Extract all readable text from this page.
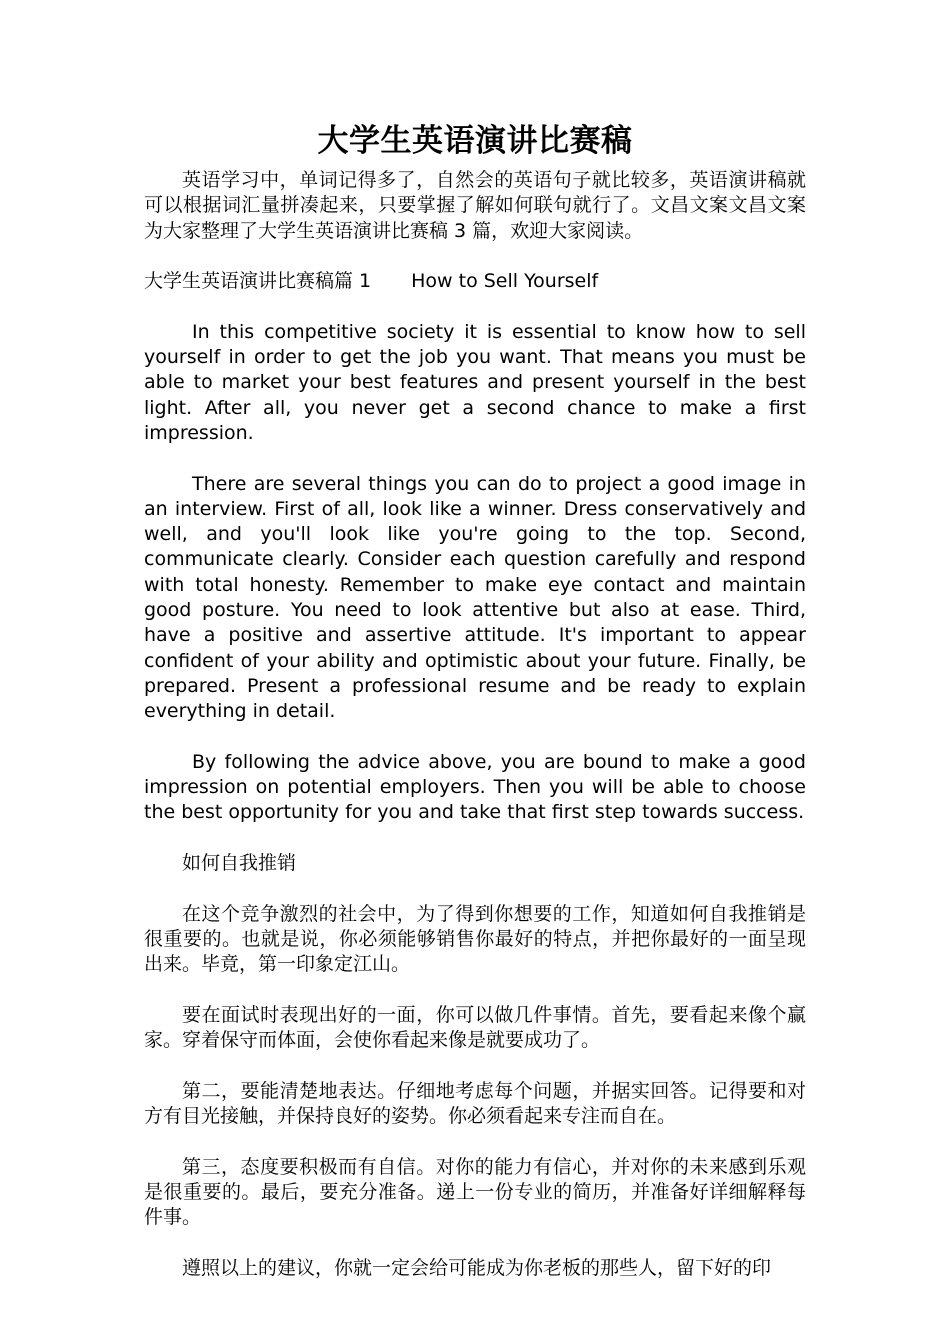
大学生英语演讲比赛稿

英语学习中，单词记得多了，自然会的英语句子就比较多，英语演讲稿就可以根据词汇量拼凑起来，只要掌握了解如何联句就行了。文昌文案文昌文案为大家整理了大学生英语演讲比赛稿 3 篇，欢迎大家阅读。

大学生英语演讲比赛稿篇 1 How to Sell Yourself

In this competitive society it is essential to know how to sell yourself in order to get the job you want. That means you must be able to market your best features and present yourself in the best light. After all, you never get a second chance to make a first impression.

There are several things you can do to project a good image in an interview. First of all, look like a winner. Dress conservatively and well, and you'll look like you're going to the top. Second, communicate clearly. Consider each question carefully and respond with total honesty. Remember to make eye contact and maintain good posture. You need to look attentive but also at ease. Third, have a positive and assertive attitude. It's important to appear confident of your ability and optimistic about your future. Finally, be prepared. Present a professional resume and be ready to explain everything in detail.

By following the advice above, you are bound to make a good impression on potential employers. Then you will be able to choose the best opportunity for you and take that first step towards success.

如何自我推销

在这个竞争激烈的社会中，为了得到你想要的工作，知道如何自我推销是很重要的。也就是说，你必须能够销售你最好的特点，并把你最好的一面呈现出来。毕竟，第一印象定江山。

要在面试时表现出好的一面，你可以做几件事情。首先，要看起来像个赢家。穿着保守而体面，会使你看起来像是就要成功了。

第二，要能清楚地表达。仔细地考虑每个问题，并据实回答。记得要和对方有目光接触，并保持良好的姿势。你必须看起来专注而自在。

第三，态度要积极而有自信。对你的能力有信心，并对你的未来感到乐观是很重要的。最后，要充分准备。递上一份专业的简历，并准备好详细解释每件事。

遵照以上的建议，你就一定会给可能成为你老板的那些人，留下好的印
